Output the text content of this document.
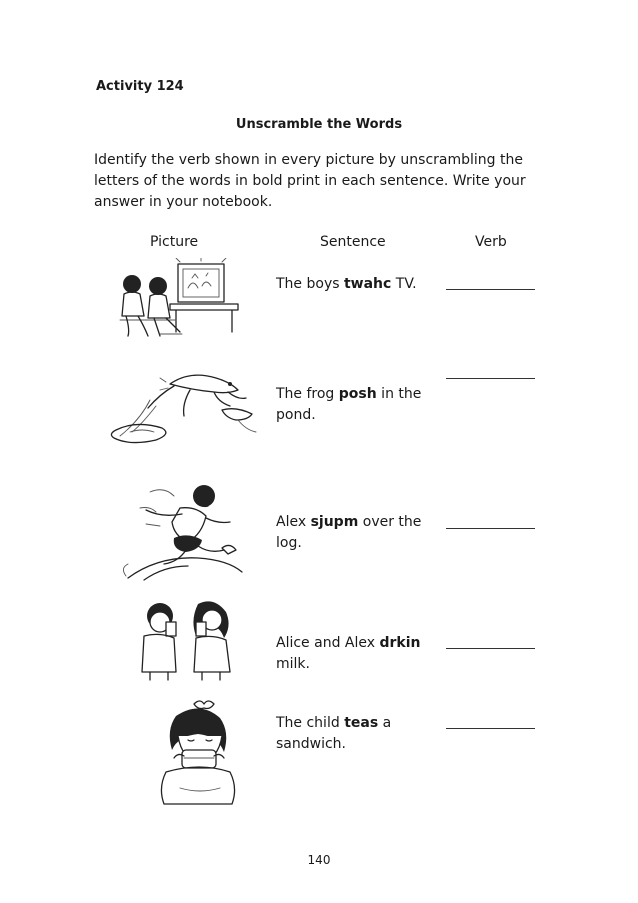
Activity 124
Unscramble the Words
Identify the verb shown in every picture by unscrambling the letters of the words in bold print in each sentence. Write your answer in your notebook.
Picture	Sentence	Verb
The boys twahc TV.
The frog posh in the pond.
Alex sjupm over the log.
Alice and Alex drkin milk.
The child teas a sandwich.
140
